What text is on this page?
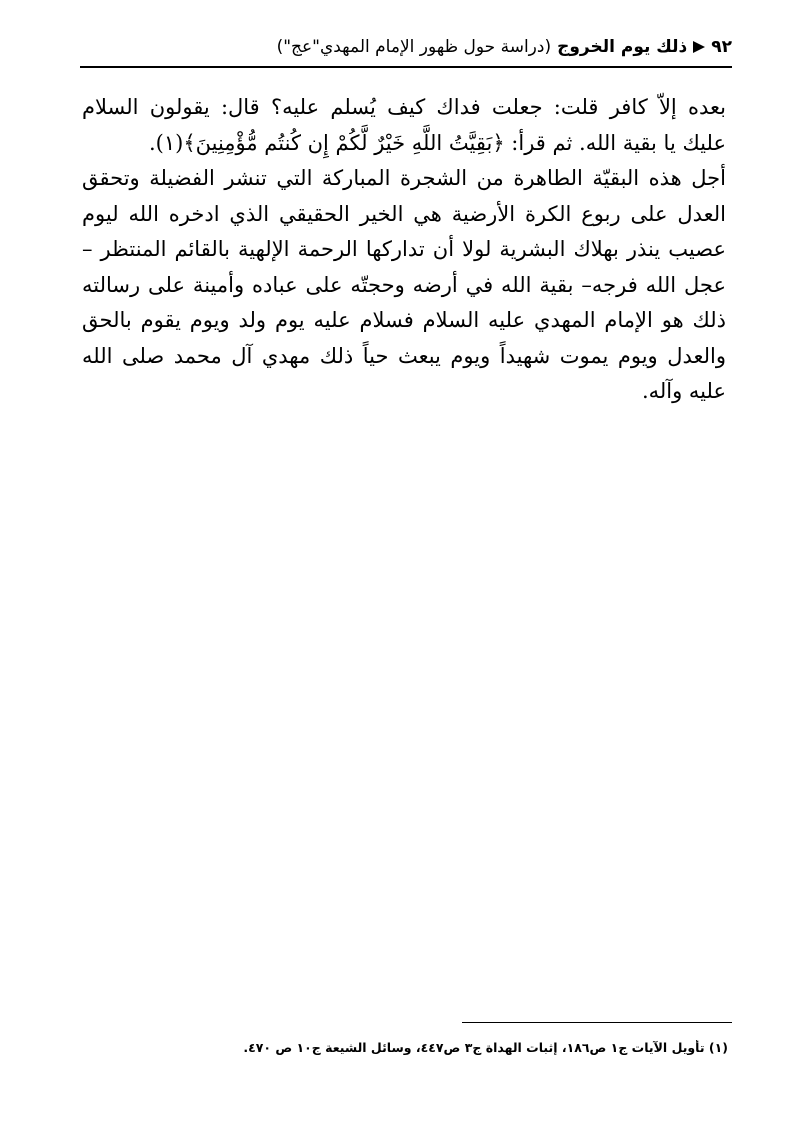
٩٢
ذلك يوم الخروج
(دراسة حول ظهور الإمام المهدي"عج")

بعده إلاّ كافر قلت: جعلت فداك كيف يُسلم عليه؟ قال: يقولون السلام عليك يا بقية الله. ثم قرأ: ﴿بَقِيَّتُ اللَّهِ خَيْرٌ لَّكُمْ إِن كُنتُم مُّؤْمِنِينَ﴾(١).

أجل هذه البقيّة الطاهرة من الشجرة المباركة التي تنشر الفضيلة وتحقق العدل على ربوع الكرة الأرضية هي الخير الحقيقي الذي ادخره الله ليوم عصيب ينذر بهلاك البشرية لولا أن تداركها الرحمة الإلهية بالقائم المنتظر – عجل الله فرجه– بقية الله في أرضه وحجتّه على عباده وأمينة على رسالته ذلك هو الإمام المهدي عليه السلام فسلام عليه يوم ولد ويوم يقوم بالحق والعدل ويوم يموت شهيداً ويوم يبعث حياً ذلك مهدي آل محمد صلى الله عليه وآله.

(١) تأويل الآيات ج١ ص١٨٦، إثبات الهداة ج٣ ص٤٤٧، وسائل الشيعة ج١٠ ص ٤٧٠.
